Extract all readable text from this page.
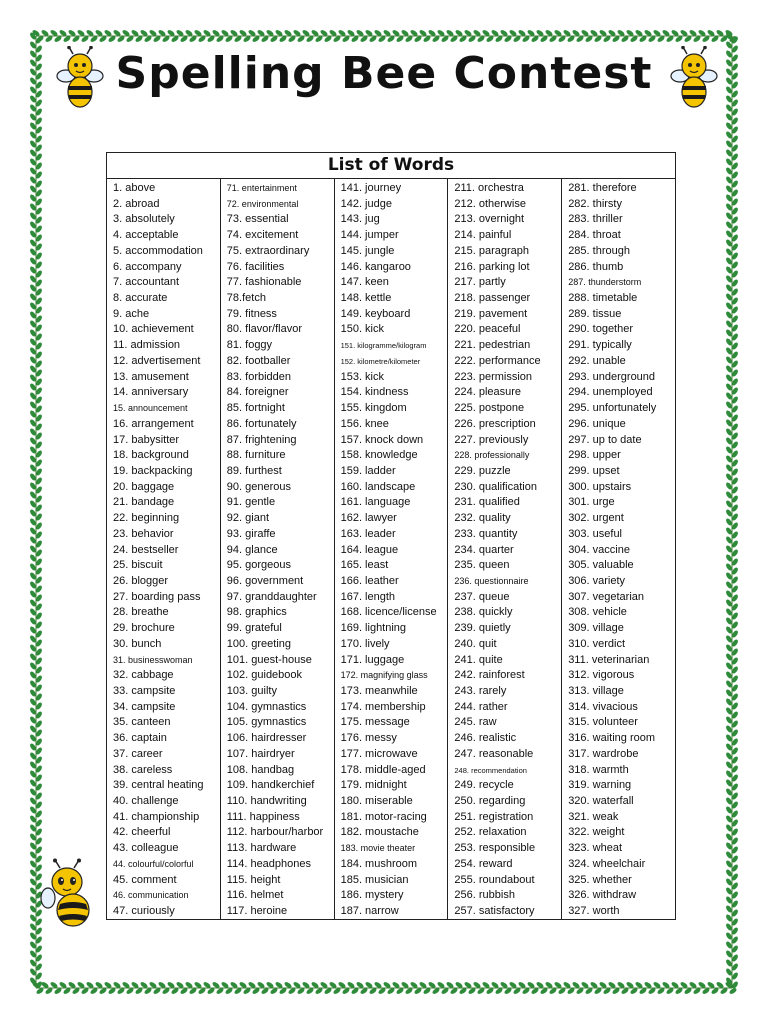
Spelling Bee Contest
List of Words
1. above
2. abroad
3. absolutely
4. acceptable
5. accommodation
6. accompany
7. accountant
8. accurate
9. ache
10. achievement
11. admission
12. advertisement
13. amusement
14. anniversary
15. announcement
16. arrangement
17. babysitter
18. background
19. backpacking
20. baggage
21. bandage
22. beginning
23. behavior
24. bestseller
25. biscuit
26. blogger
27. boarding pass
28. breathe
29. brochure
30. bunch
31. businesswoman
32. cabbage
33. campsite
34. campsite
35. canteen
36. captain
37. career
38. careless
39. central heating
40. challenge
41. championship
42. cheerful
43. colleague
44. colourful/colorful
45. comment
46. communication
47. curiously
71. entertainment
72. environmental
73. essential
74. excitement
75. extraordinary
76. facilities
77. fashionable
78.fetch
79. fitness
80. flavor/flavor
81. foggy
82. footballer
83. forbidden
84. foreigner
85. fortnight
86. fortunately
87. frightening
88. furniture
89. furthest
90. generous
91. gentle
92. giant
93. giraffe
94. glance
95. gorgeous
96. government
97. granddaughter
98. graphics
99. grateful
100. greeting
101. guest-house
102. guidebook
103. guilty
104. gymnastics
105. gymnastics
106. hairdresser
107. hairdryer
108. handbag
109. handkerchief
110. handwriting
111. happiness
112. harbour/harbor
113. hardware
114. headphones
115. height
116. helmet
117. heroine
141. journey
142. judge
143. jug
144. jumper
145. jungle
146. kangaroo
147. keen
148. kettle
149. keyboard
150. kick
151. kilogramme/kilogram
152. kilometre/kilometer
153. kick
154. kindness
155. kingdom
156. knee
157. knock down
158. knowledge
159. ladder
160. landscape
161. language
162. lawyer
163. leader
164. league
165. least
166. leather
167. length
168. licence/license
169. lightning
170. lively
171. luggage
172. magnifying glass
173. meanwhile
174. membership
175. message
176. messy
177. microwave
178. middle-aged
179. midnight
180. miserable
181. motor-racing
182. moustache
183. movie theater
184. mushroom
185. musician
186. mystery
187. narrow
211. orchestra
212. otherwise
213. overnight
214. painful
215. paragraph
216. parking lot
217. partly
218. passenger
219. pavement
220. peaceful
221. pedestrian
222. performance
223. permission
224. pleasure
225. postpone
226. prescription
227. previously
228. professionally
229. puzzle
230. qualification
231. qualified
232. quality
233. quantity
234. quarter
235. queen
236. questionnaire
237. queue
238. quickly
239. quietly
240. quit
241. quite
242. rainforest
243. rarely
244. rather
245. raw
246. realistic
247. reasonable
248. recommendation
249. recycle
250. regarding
251. registration
252. relaxation
253. responsible
254. reward
255. roundabout
256. rubbish
257. satisfactory
281. therefore
282. thirsty
283. thriller
284. throat
285. through
286. thumb
287. thunderstorm
288. timetable
289. tissue
290. together
291. typically
292. unable
293. underground
294. unemployed
295. unfortunately
296. unique
297. up to date
298. upper
299. upset
300. upstairs
301. urge
302. urgent
303. useful
304. vaccine
305. valuable
306. variety
307. vegetarian
308. vehicle
309. village
310. verdict
311. veterinarian
312. vigorous
313. village
314. vivacious
315. volunteer
316. waiting room
317. wardrobe
318. warmth
319. warning
320. waterfall
321. weak
322. weight
323. wheat
324. wheelchair
325. whether
326. withdraw
327. worth
